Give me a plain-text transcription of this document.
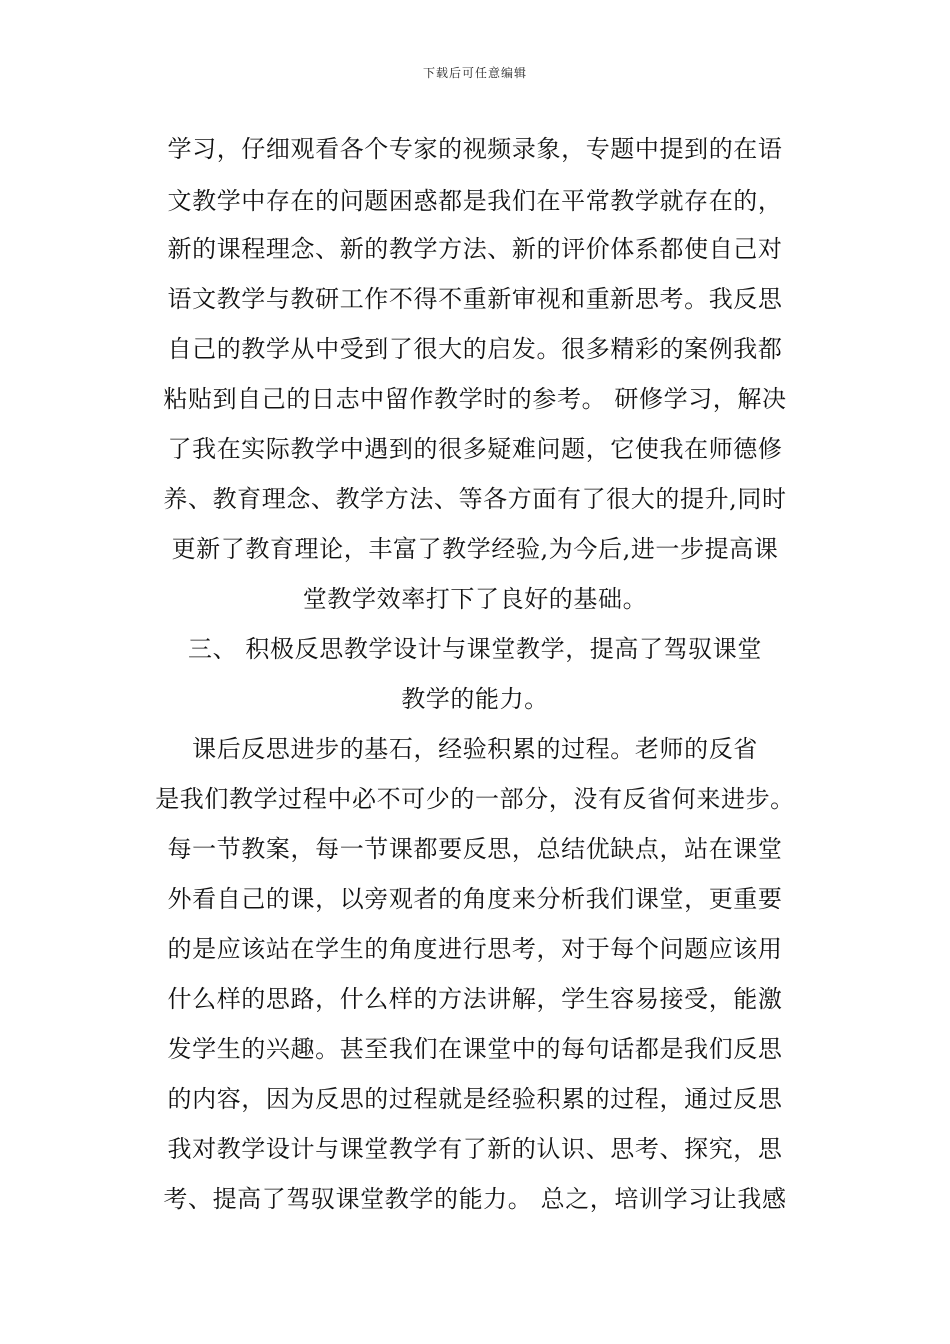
下载后可任意编辑
学习，仔细观看各个专家的视频录象，专题中提到的在语
文教学中存在的问题困惑都是我们在平常教学就存在的，
新的课程理念、新的教学方法、新的评价体系都使自己对
语文教学与教研工作不得不重新审视和重新思考。我反思
自己的教学从中受到了很大的启发。很多精彩的案例我都
粘贴到自己的日志中留作教学时的参考。 研修学习，解决
了我在实际教学中遇到的很多疑难问题，它使我在师德修
养、教育理念、教学方法、等各方面有了很大的提升,同时
更新了教育理论，丰富了教学经验,为今后,进一步提高课
堂教学效率打下了良好的基础。
三、 积极反思教学设计与课堂教学，提高了驾驭课堂
教学的能力。
课后反思进步的基石，经验积累的过程。老师的反省
是我们教学过程中必不可少的一部分，没有反省何来进步。
每一节教案，每一节课都要反思，总结优缺点，站在课堂
外看自己的课，以旁观者的角度来分析我们课堂，更重要
的是应该站在学生的角度进行思考，对于每个问题应该用
什么样的思路，什么样的方法讲解，学生容易接受，能激
发学生的兴趣。甚至我们在课堂中的每句话都是我们反思
的内容，因为反思的过程就是经验积累的过程，通过反思
我对教学设计与课堂教学有了新的认识、思考、探究，思
考、提高了驾驭课堂教学的能力。 总之，培训学习让我感
